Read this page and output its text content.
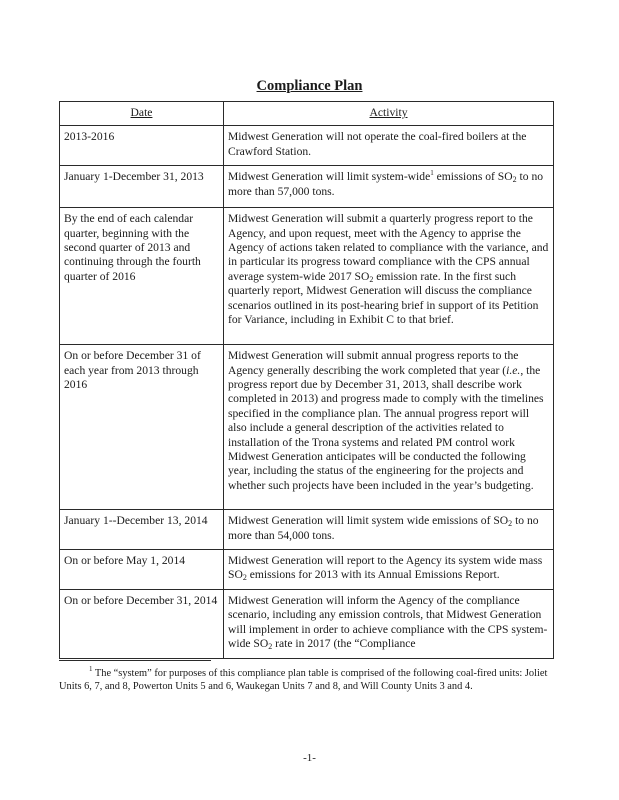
Compliance Plan
Date	Activity
2013-2016	Midwest Generation will not operate the coal-fired boilers at the Crawford Station.
January 1-December 31, 2013	Midwest Generation will limit system-wide$^1$ emissions of $SO_2$ to no more than 57,000 tons.
By the end of each calendar quarter, beginning with the second quarter of 2013 and continuing through the fourth quarter of 2016	Midwest Generation will submit a quarterly progress report to the Agency, and upon request, meet with the Agency to apprise the Agency of actions taken related to compliance with the variance, and in particular its progress toward compliance with the CPS annual average system-wide 2017 $SO_2$ emission rate. In the first such quarterly report, Midwest Generation will discuss the compliance scenarios outlined in its post-hearing brief in support of its Petition for Variance, including in Exhibit C to that brief.
On or before December 31 of each year from 2013 through 2016	Midwest Generation will submit annual progress reports to the Agency generally describing the work completed that year (i.e., the progress report due by December 31, 2013, shall describe work completed in 2013) and progress made to comply with the timelines specified in the compliance plan. The annual progress report will also include a general description of the activities related to installation of the Trona systems and related PM control work Midwest Generation anticipates will be conducted the following year, including the status of the engineering for the projects and whether such projects have been included in the year’s budgeting.
January 1--December 13, 2014	Midwest Generation will limit system wide emissions of $SO_2$ to no more than 54,000 tons.
On or before May 1, 2014	Midwest Generation will report to the Agency its system wide mass $SO_2$ emissions for 2013 with its Annual Emissions Report.
On or before December 31, 2014	Midwest Generation will inform the Agency of the compliance scenario, including any emission controls, that Midwest Generation will implement in order to achieve compliance with the CPS system-wide $SO_2$ rate in 2017 (the “Compliance
$^1$ The “system” for purposes of this compliance plan table is comprised of the following coal-fired units: Joliet Units 6, 7, and 8, Powerton Units 5 and 6, Waukegan Units 7 and 8, and Will County Units 3 and 4.
-1-
